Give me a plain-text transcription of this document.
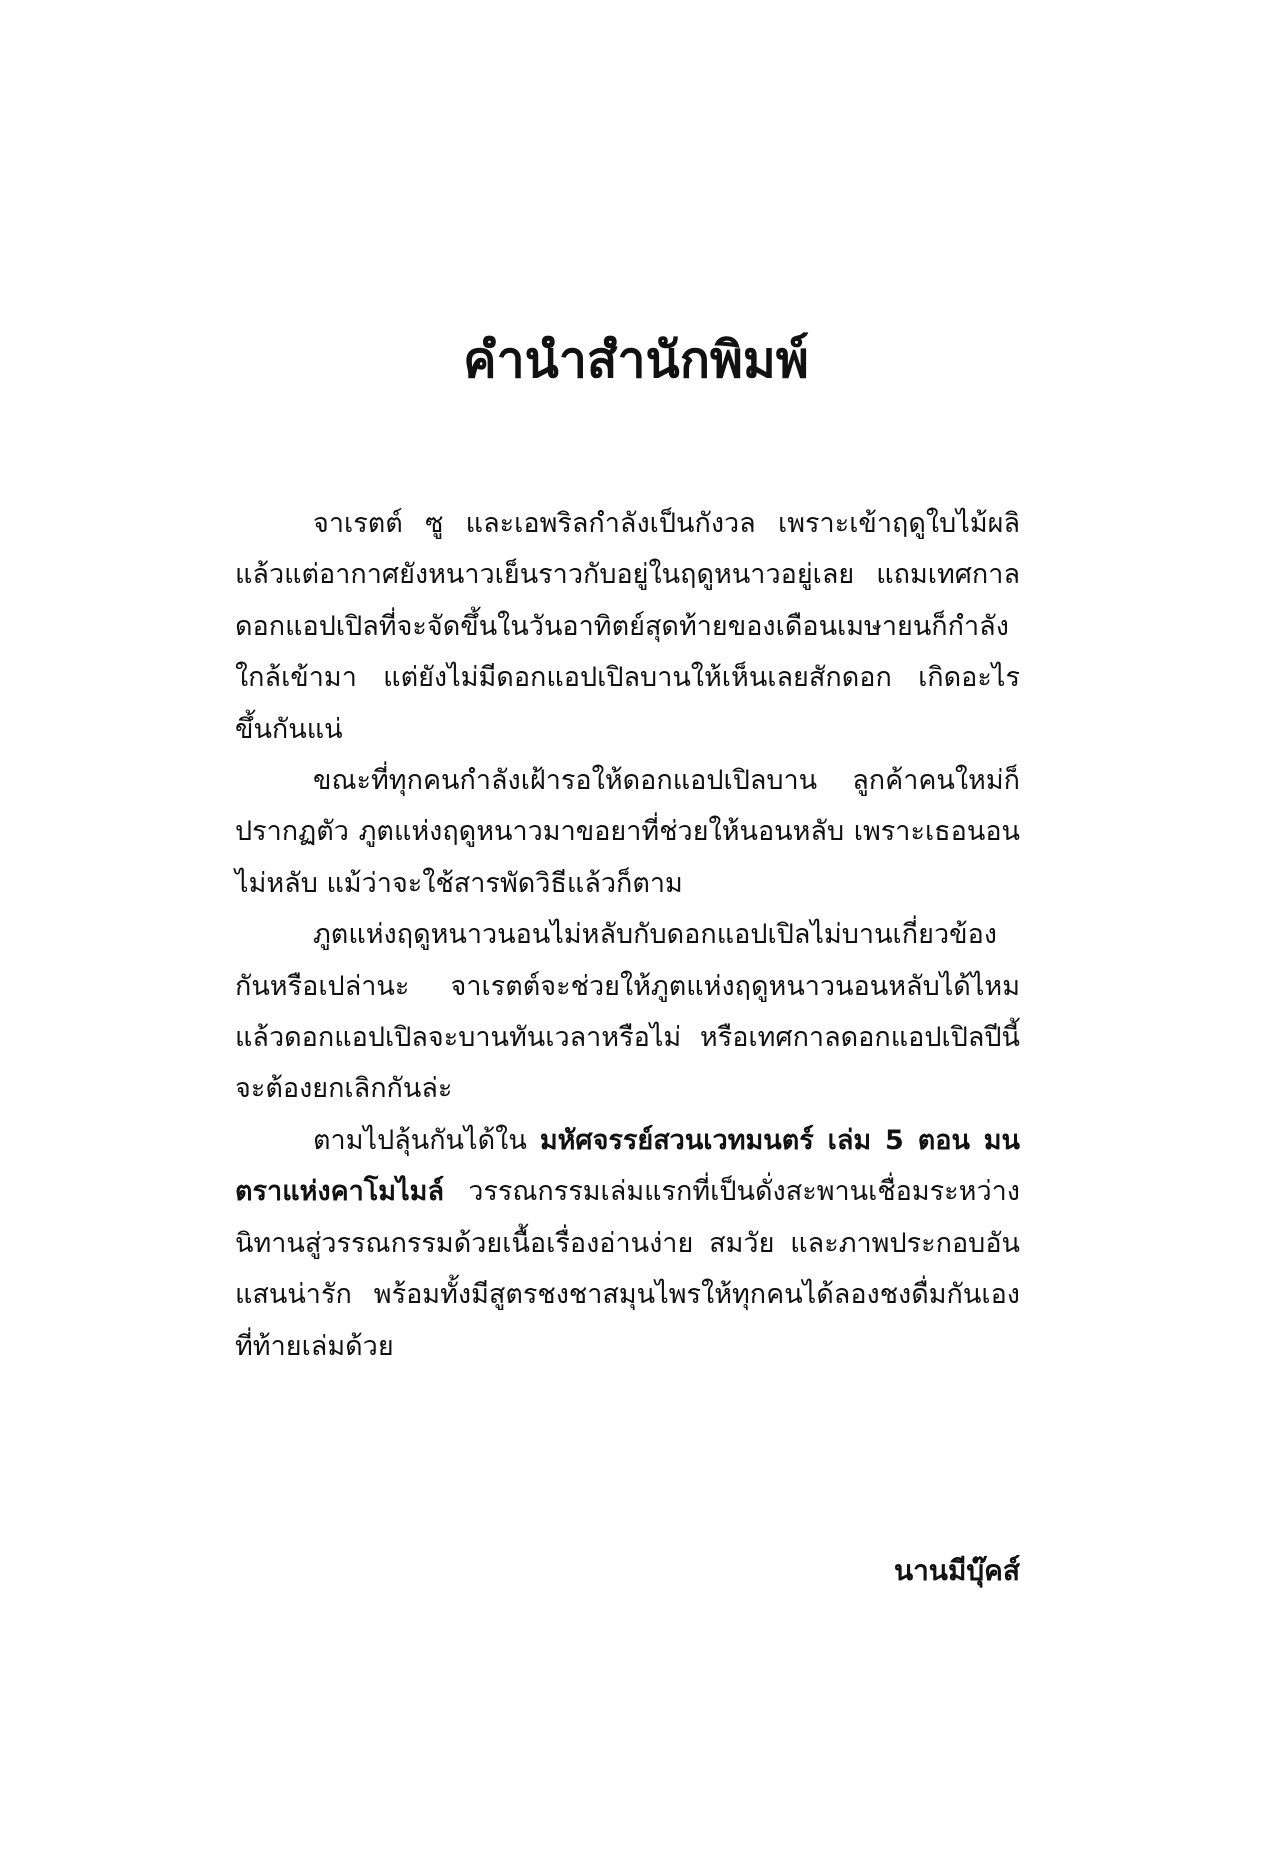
คำนำสำนักพิมพ์

จาเรตต์ ซู และเอพริลกำลังเป็นกังวล เพราะเข้าฤดูใบไม้ผลิแล้วแต่อากาศยังหนาวเย็นราวกับอยู่ในฤดูหนาวอยู่เลย แถมเทศกาลดอกแอปเปิลที่จะจัดขึ้นในวันอาทิตย์สุดท้ายของเดือนเมษายนก็กำลังใกล้เข้ามา แต่ยังไม่มีดอกแอปเปิลบานให้เห็นเลยสักดอก เกิดอะไรขึ้นกันแน่

ขณะที่ทุกคนกำลังเฝ้ารอให้ดอกแอปเปิลบาน ลูกค้าคนใหม่ก็ปรากฏตัว ภูตแห่งฤดูหนาวมาขอยาที่ช่วยให้นอนหลับ เพราะเธอนอนไม่หลับ แม้ว่าจะใช้สารพัดวิธีแล้วก็ตาม

ภูตแห่งฤดูหนาวนอนไม่หลับกับดอกแอปเปิลไม่บานเกี่ยวข้องกันหรือเปล่านะ จาเรตต์จะช่วยให้ภูตแห่งฤดูหนาวนอนหลับได้ไหม แล้วดอกแอปเปิลจะบานทันเวลาหรือไม่ หรือเทศกาลดอกแอปเปิลปีนี้จะต้องยกเลิกกันล่ะ

ตามไปลุ้นกันได้ใน มหัศจรรย์สวนเวทมนตร์ เล่ม 5 ตอน มนตราแห่งคาโมไมล์ วรรณกรรมเล่มแรกที่เป็นดั่งสะพานเชื่อมระหว่างนิทานสู่วรรณกรรมด้วยเนื้อเรื่องอ่านง่าย สมวัย และภาพประกอบอันแสนน่ารัก พร้อมทั้งมีสูตรชงชาสมุนไพรให้ทุกคนได้ลองชงดื่มกันเองที่ท้ายเล่มด้วย

นานมีบุ๊คส์
